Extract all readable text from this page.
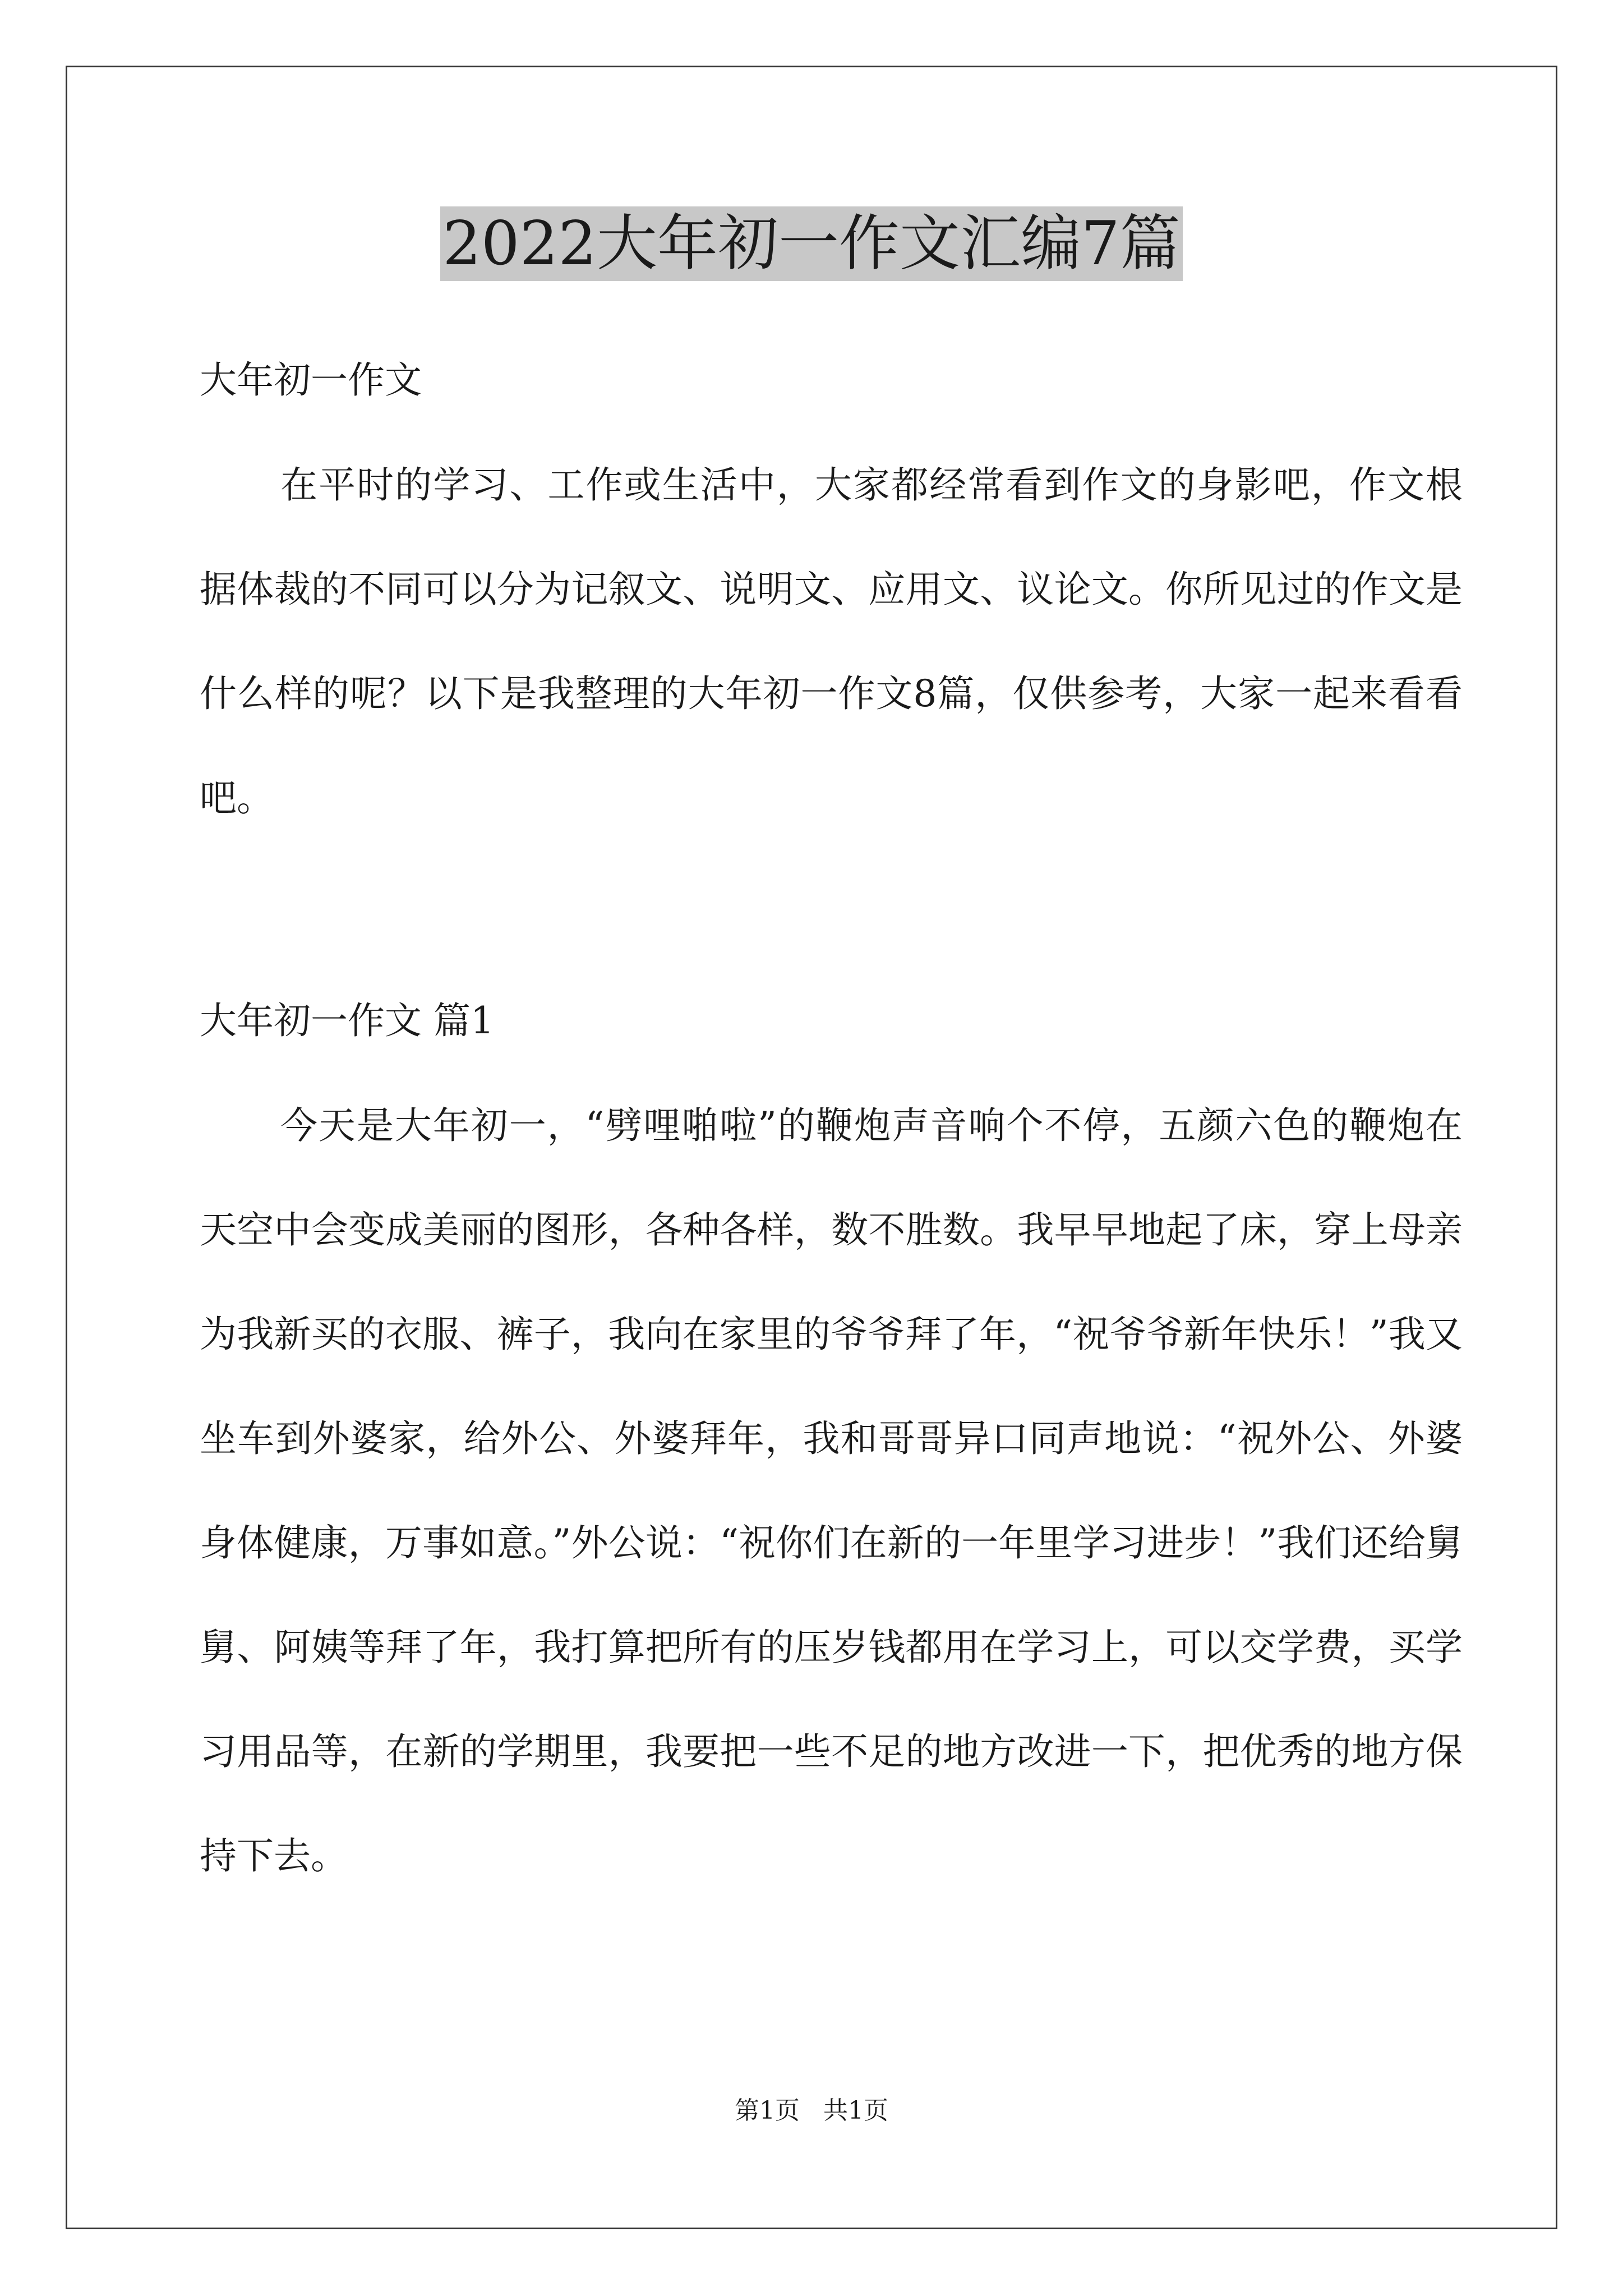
2022大年初一作文汇编7篇
大年初一作文

在平时的学习、工作或生活中，大家都经常看到作文的身影吧，作文根据体裁的不同可以分为记叙文、说明文、应用文、议论文。你所见过的作文是什么样的呢？以下是我整理的大年初一作文8篇，仅供参考，大家一起来看看吧。

大年初一作文 篇1

今天是大年初一，“劈哩啪啦”的鞭炮声音响个不停，五颜六色的鞭炮在天空中会变成美丽的图形，各种各样，数不胜数。我早早地起了床，穿上母亲为我新买的衣服、裤子，我向在家里的爷爷拜了年，“祝爷爷新年快乐！”我又坐车到外婆家，给外公、外婆拜年，我和哥哥异口同声地说：“祝外公、外婆身体健康，万事如意。”外公说：“祝你们在新的一年里学习进步！”我们还给舅舅、阿姨等拜了年，我打算把所有的压岁钱都用在学习上，可以交学费，买学习用品等，在新的学期里，我要把一些不足的地方改进一下，把优秀的地方保持下去。

第1页   共1页
